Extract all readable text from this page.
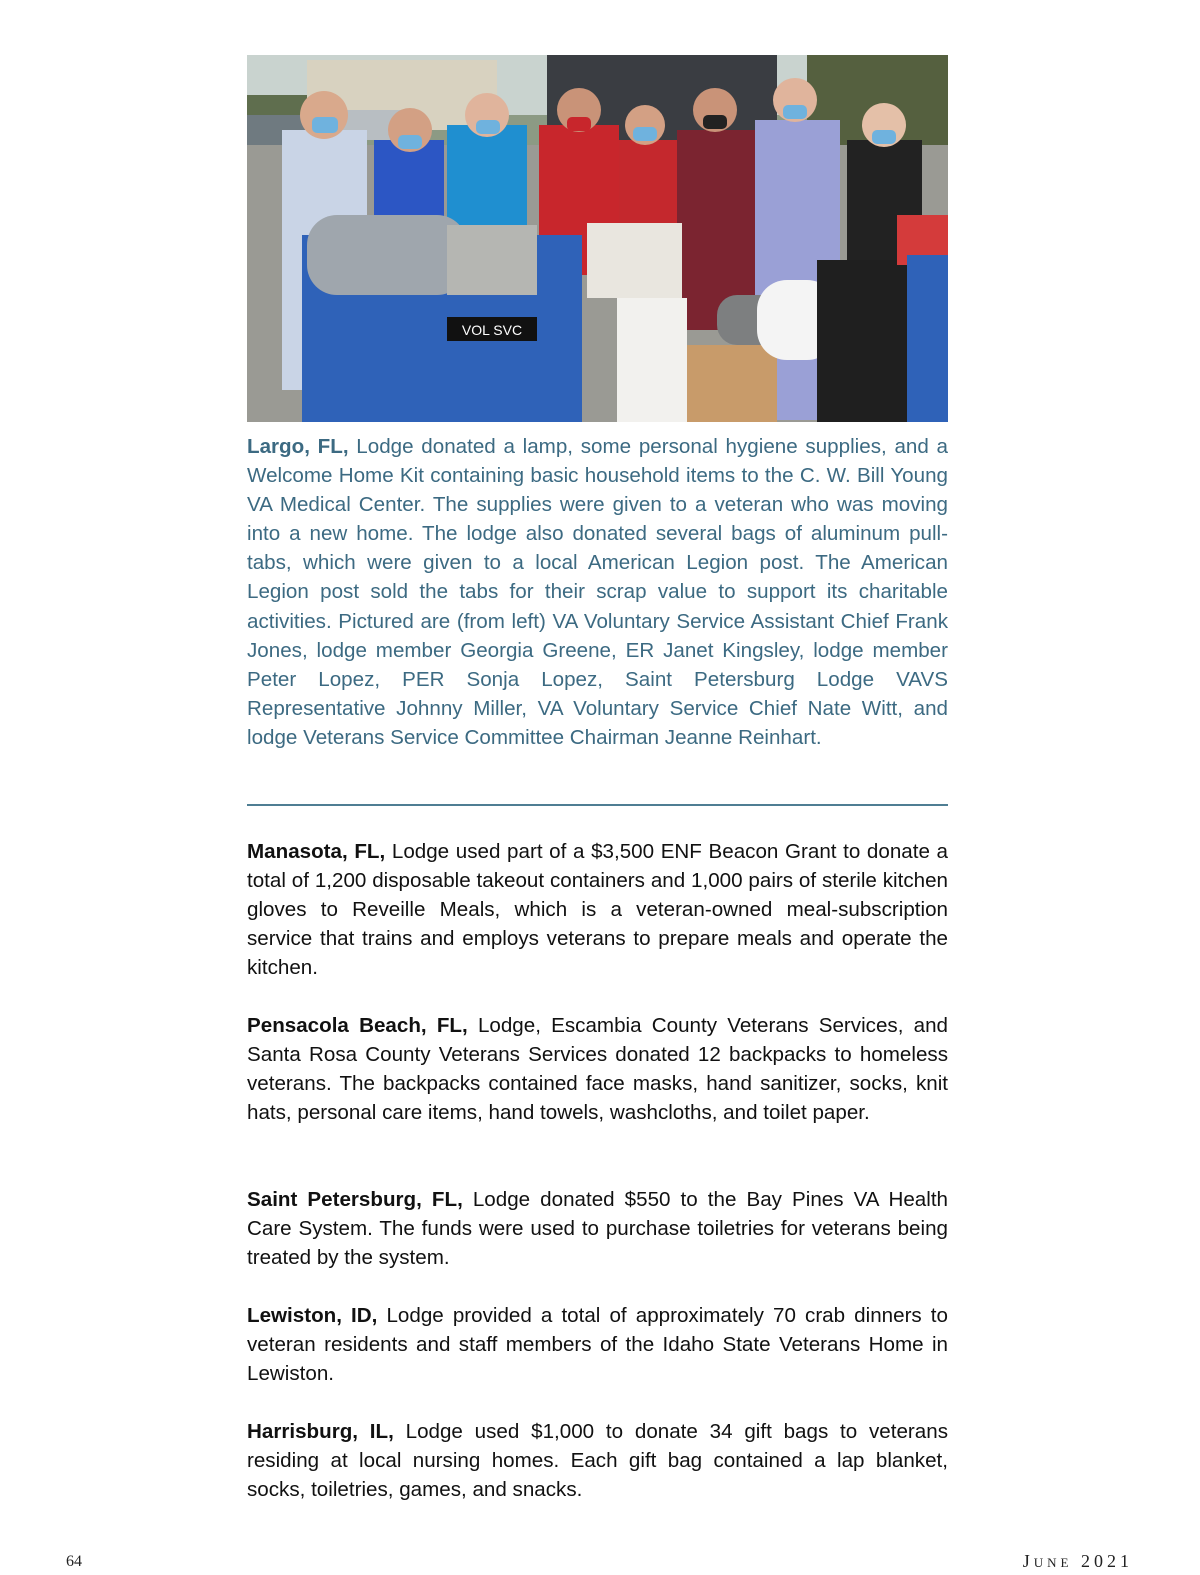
VOL SVC

Largo, FL, Lodge donated a lamp, some personal hygiene supplies, and a Welcome Home Kit containing basic household items to the C. W. Bill Young VA Medical Center. The supplies were given to a veteran who was moving into a new home. The lodge also donated several bags of aluminum pull-tabs, which were given to a local American Legion post. The American Legion post sold the tabs for their scrap value to support its charitable activities. Pictured are (from left) VA Voluntary Service Assistant Chief Frank Jones, lodge member Georgia Greene, ER Janet Kingsley, lodge member Peter Lopez, PER Sonja Lopez, Saint Petersburg Lodge VAVS Representative Johnny Miller, VA Voluntary Service Chief Nate Witt, and lodge Veterans Service Committee Chairman Jeanne Reinhart.

Manasota, FL, Lodge used part of a $3,500 ENF Beacon Grant to donate a total of 1,200 disposable takeout containers and 1,000 pairs of sterile kitchen gloves to Reveille Meals, which is a veteran-owned meal-subscription service that trains and employs veterans to prepare meals and operate the kitchen.

Pensacola Beach, FL, Lodge, Escambia County Veterans Services, and Santa Rosa County Veterans Services donated 12 backpacks to homeless veterans. The backpacks contained face masks, hand sanitizer, socks, knit hats, personal care items, hand towels, washcloths, and toilet paper.

Saint Petersburg, FL, Lodge donated $550 to the Bay Pines VA Health Care System. The funds were used to purchase toiletries for veterans being treated by the system.

Lewiston, ID, Lodge provided a total of approximately 70 crab dinners to veteran residents and staff members of the Idaho State Veterans Home in Lewiston.

Harrisburg, IL, Lodge used $1,000 to donate 34 gift bags to veterans residing at local nursing homes. Each gift bag contained a lap blanket, socks, toiletries, games, and snacks.

64	June 2021
